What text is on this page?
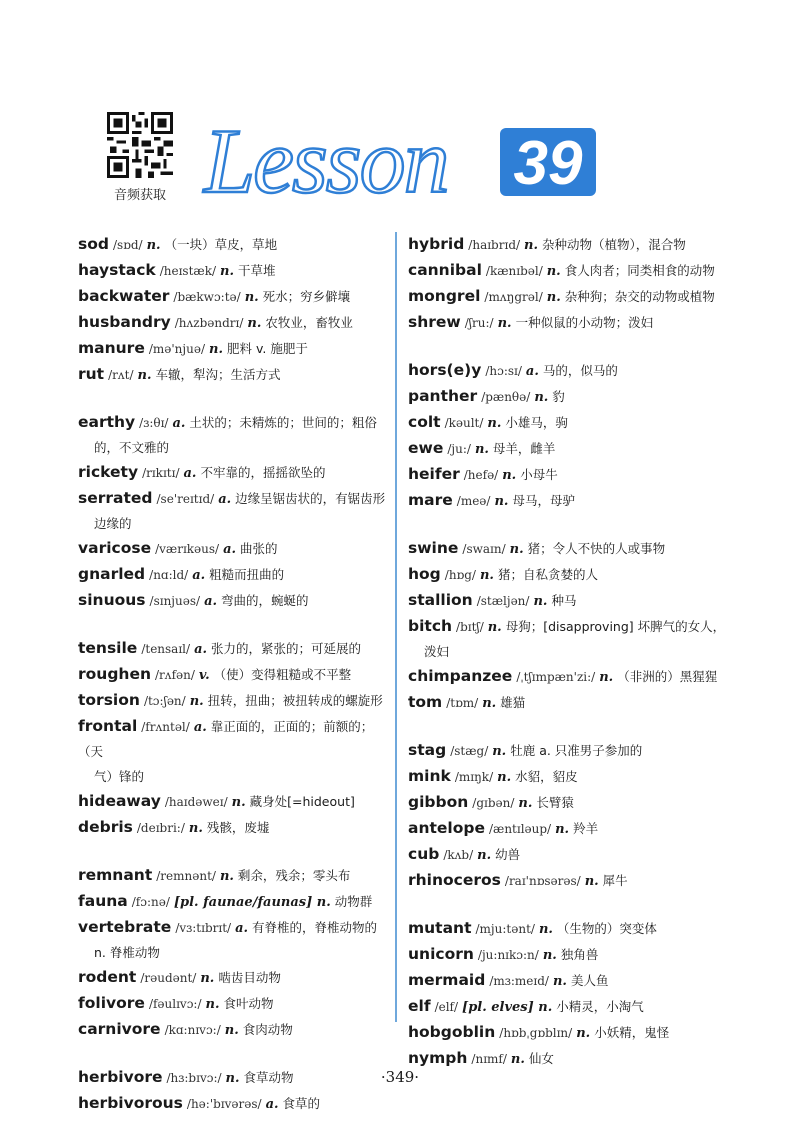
音频获取 Lesson 39
sod /sɒd/ n. （一块）草皮，草地
haystack /heɪstæk/ n. 干草堆
backwater /bækwɔ:tə/ n. 死水；穷乡僻壤
husbandry /hʌzbəndrɪ/ n. 农牧业，畜牧业
manure /mə'njuə/ n. 肥料 v. 施肥于
rut /rʌt/ n. 车辙，犁沟；生活方式
earthy /ɜ:θɪ/ a. 土状的；未精炼的；世间的；粗俗
的，不文雅的
rickety /rɪkɪtɪ/ a. 不牢靠的，摇摇欲坠的
serrated /se'reɪtɪd/ a. 边缘呈锯齿状的，有锯齿形
边缘的
varicose /værɪkəus/ a. 曲张的
gnarled /nɑ:ld/ a. 粗糙而扭曲的
sinuous /sɪnjuəs/ a. 弯曲的，蜿蜒的
tensile /tensaɪl/ a. 张力的，紧张的；可延展的
roughen /rʌfən/ v. （使）变得粗糙或不平整
torsion /tɔ:ʃən/ n. 扭转，扭曲；被扭转成的螺旋形
frontal /frʌntəl/ a. 靠正面的，正面的；前额的；（天
气）锋的
hideaway /haɪdəweɪ/ n. 藏身处[=hideout]
debris /deɪbri:/ n. 残骸，废墟
remnant /remnənt/ n. 剩余，残余；零头布
fauna /fɔ:nə/ [pl. faunae/faunas] n. 动物群
vertebrate /vɜ:tɪbrɪt/ a. 有脊椎的，脊椎动物的
n. 脊椎动物
rodent /rəudənt/ n. 啮齿目动物
folivore /fəulɪvɔ:/ n. 食叶动物
carnivore /kɑ:nɪvɔ:/ n. 食肉动物
herbivore /hɜ:bɪvɔ:/ n. 食草动物
herbivorous /hə:'bɪvərəs/ a. 食草的
hybrid /haɪbrɪd/ n. 杂种动物（植物），混合物
cannibal /kænɪbəl/ n. 食人肉者；同类相食的动物
mongrel /mʌŋgrəl/ n. 杂种狗；杂交的动物或植物
shrew /ʃru:/ n. 一种似鼠的小动物；泼妇
hors(e)y /hɔ:sɪ/ a. 马的，似马的
panther /pænθə/ n. 豹
colt /kəult/ n. 小雄马，驹
ewe /ju:/ n. 母羊，雌羊
heifer /hefə/ n. 小母牛
mare /meə/ n. 母马，母驴
swine /swaɪn/ n. 猪；令人不快的人或事物
hog /hɒg/ n. 猪；自私贪婪的人
stallion /stæljən/ n. 种马
bitch /bɪtʃ/ n. 母狗；[disapproving] 坏脾气的女人，
泼妇
chimpanzee /ˌtʃɪmpæn'zi:/ n. （非洲的）黑猩猩
tom /tɒm/ n. 雄猫
stag /stæg/ n. 牡鹿 a. 只准男子参加的
mink /mɪŋk/ n. 水貂，貂皮
gibbon /gɪbən/ n. 长臂猿
antelope /æntɪləup/ n. 羚羊
cub /kʌb/ n. 幼兽
rhinoceros /raɪ'nɒsərəs/ n. 犀牛
mutant /mju:tənt/ n. （生物的）突变体
unicorn /ju:nɪkɔ:n/ n. 独角兽
mermaid /mɜ:meɪd/ n. 美人鱼
elf /elf/ [pl. elves] n. 小精灵，小淘气
hobgoblin /hɒbˌgɒblɪn/ n. 小妖精，鬼怪
nymph /nɪmf/ n. 仙女
·349·
